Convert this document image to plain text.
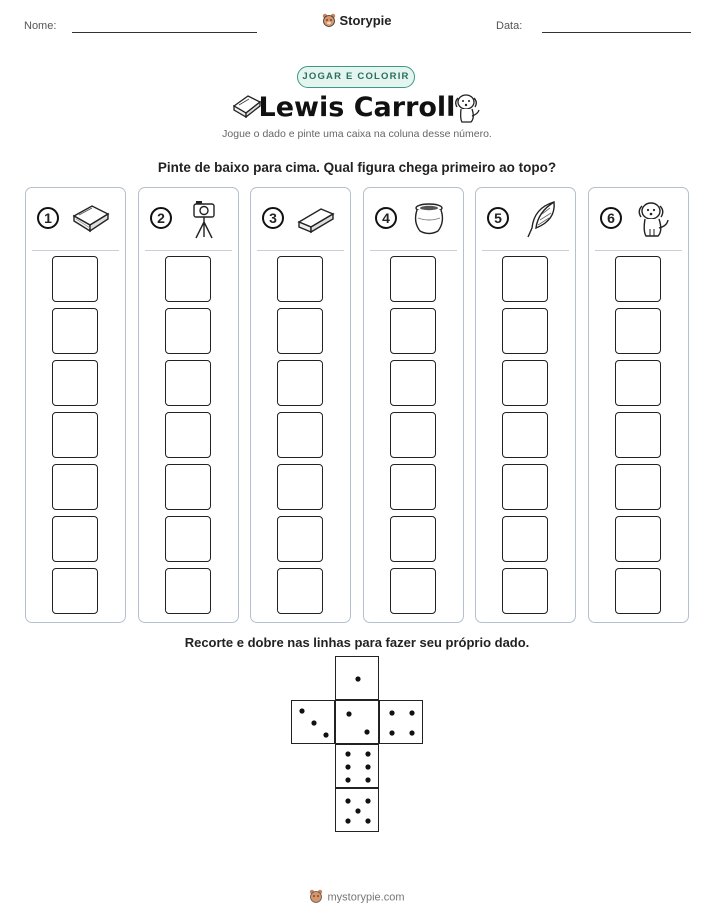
Nome:	Storypie	Data:
JOGAR E COLORIR
Lewis Carroll
Jogue o dado e pinte uma caixa na coluna desse número.
Pinte de baixo para cima. Qual figura chega primeiro ao topo?
1	2	3	4	5	6
Recorte e dobre nas linhas para fazer seu próprio dado.
mystorypie.com
